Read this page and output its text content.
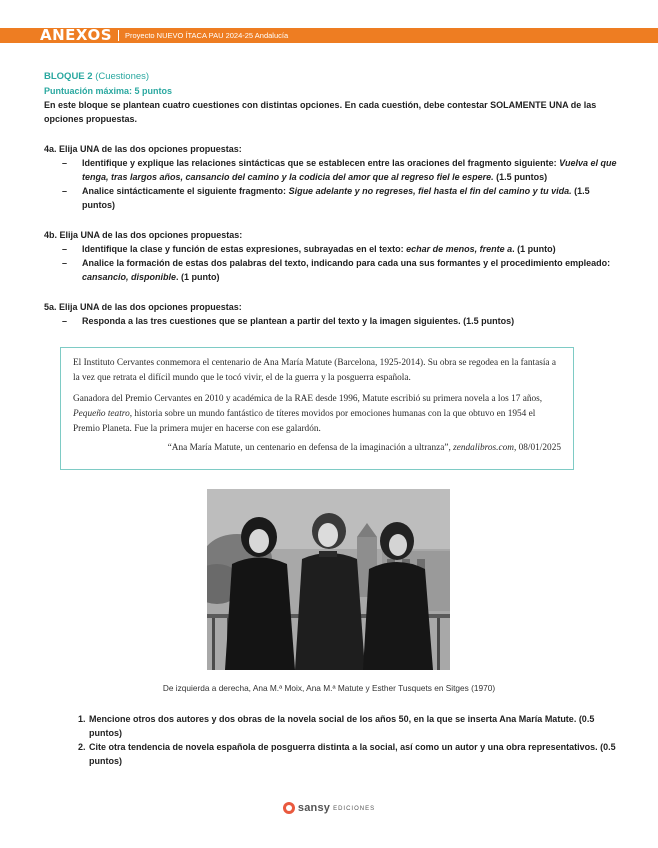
ANEXOS Proyecto NUEVO ÍTACA PAU 2024-25 Andalucía
BLOQUE 2 (Cuestiones)
Puntuación máxima: 5 puntos
En este bloque se plantean cuatro cuestiones con distintas opciones. En cada cuestión, debe contestar SOLAMENTE UNA de las opciones propuestas.
4a. Elija UNA de las dos opciones propuestas:
– Identifique y explique las relaciones sintácticas que se establecen entre las oraciones del fragmento siguiente: Vuelva el que tenga, tras largos años, cansancio del camino y la codicia del amor que al regreso fiel le espere. (1.5 puntos)
– Analice sintácticamente el siguiente fragmento: Sigue adelante y no regreses, fiel hasta el fin del camino y tu vida. (1.5 puntos)
4b. Elija UNA de las dos opciones propuestas:
– Identifique la clase y función de estas expresiones, subrayadas en el texto: echar de menos, frente a. (1 punto)
– Analice la formación de estas dos palabras del texto, indicando para cada una sus formantes y el procedimiento empleado: cansancio, disponible. (1 punto)
5a. Elija UNA de las dos opciones propuestas:
– Responda a las tres cuestiones que se plantean a partir del texto y la imagen siguientes. (1.5 puntos)

El Instituto Cervantes conmemora el centenario de Ana María Matute (Barcelona, 1925-2014). Su obra se regodea en la fantasía a la vez que retrata el difícil mundo que le tocó vivir, el de la guerra y la posguerra española.

Ganadora del Premio Cervantes en 2010 y académica de la RAE desde 1996, Matute escribió su primera novela a los 17 años, Pequeño teatro, historia sobre un mundo fantástico de títeres movidos por emociones humanas con la que obtuvo en 1954 el Premio Planeta. Fue la primera mujer en hacerse con ese galardón.

“Ana María Matute, un centenario en defensa de la imaginación a ultranza”, zendalibros.com, 08/01/2025

De izquierda a derecha, Ana M.ª Moix, Ana M.ª Matute y Esther Tusquets en Sitges (1970)
1. Mencione otros dos autores y dos obras de la novela social de los años 50, en la que se inserta Ana María Matute. (0.5 puntos)
2. Cite otra tendencia de novela española de posguerra distinta a la social, así como un autor y una obra representativos. (0.5 puntos)
sansy EDICIONES
